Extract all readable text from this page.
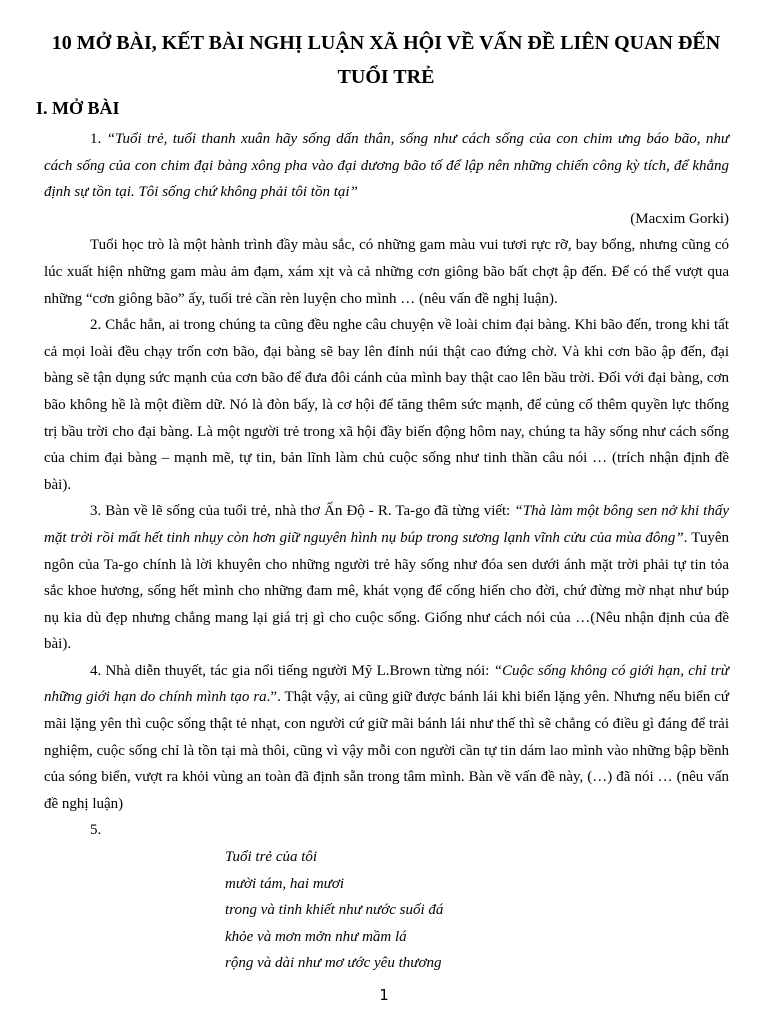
10 MỞ BÀI, KẾT BÀI NGHỊ LUẬN XÃ HỘI VỀ VẤN ĐỀ LIÊN QUAN ĐẾN TUỔI TRẺ
I. MỞ BÀI

1. “Tuổi trẻ, tuổi thanh xuân hãy sống dấn thân, sống như cách sống của con chim ưng báo bão, như cách sống của con chim đại bàng xông pha vào đại dương bão tố để lập nên những chiến công kỳ tích, để khẳng định sự tồn tại. Tôi sống chứ không phải tôi tồn tại”

(Macxim Gorki)

Tuổi học trò là một hành trình đầy màu sắc, có những gam màu vui tươi rực rỡ, bay bổng, nhưng cũng có lúc xuất hiện những gam màu ảm đạm, xám xịt và cả những cơn giông bão bất chợt ập đến. Để có thể vượt qua những “cơn giông bão” ấy, tuổi trẻ cần rèn luyện cho mình … (nêu vấn đề nghị luận).

2. Chắc hẳn, ai trong chúng ta cũng đều nghe câu chuyện về loài chim đại bàng. Khi bão đến, trong khi tất cả mọi loài đều chạy trốn cơn bão, đại bàng sẽ bay lên đỉnh núi thật cao đứng chờ. Và khi cơn bão ập đến, đại bàng sẽ tận dụng sức mạnh của cơn bão để đưa đôi cánh của mình bay thật cao lên bầu trời. Đối với đại bàng, cơn bão không hề là một điềm dữ. Nó là đòn bẩy, là cơ hội để tăng thêm sức mạnh, để củng cố thêm quyền lực thống trị bầu trời cho đại bàng. Là một người trẻ trong xã hội đầy biến động hôm nay, chúng ta hãy sống như cách sống của chim đại bàng – mạnh mẽ, tự tin, bản lĩnh làm chủ cuộc sống như tinh thần câu nói … (trích nhận định đề bài).

3. Bàn về lẽ sống của tuổi trẻ, nhà thơ Ấn Độ - R. Ta-go đã từng viết: “Thà làm một bông sen nở khi thấy mặt trời rồi mất hết tinh nhụy còn hơn giữ nguyên hình nụ búp trong sương lạnh vĩnh cửu của mùa đông”. Tuyên ngôn của Ta-go chính là lời khuyên cho những người trẻ hãy sống như đóa sen dưới ánh mặt trời phải tự tin tỏa sắc khoe hương, sống hết mình cho những đam mê, khát vọng để cống hiến cho đời, chứ đừng mờ nhạt như búp nụ kia dù đẹp nhưng chẳng mang lại giá trị gì cho cuộc sống. Giống như cách nói của …(Nêu nhận định của đề bài).

4. Nhà diễn thuyết, tác gia nổi tiếng người Mỹ L.Brown từng nói: “Cuộc sống không có giới hạn, chỉ trừ những giới hạn do chính mình tạo ra.”. Thật vậy, ai cũng giữ được bánh lái khi biển lặng yên. Nhưng nếu biển cứ mãi lặng yên thì cuộc sống thật tẻ nhạt, con người cứ giữ mãi bánh lái như thế thì sẽ chẳng có điều gì đáng để trải nghiệm, cuộc sống chỉ là tồn tại mà thôi, cũng vì vậy mỗi con người cần tự tin dám lao mình vào những bập bềnh của sóng biển, vượt ra khỏi vùng an toàn đã định sẵn trong tâm mình. Bàn về vấn đề này, (…) đã nói … (nêu vấn đề nghị luận)

5.

Tuổi trẻ của tôi
mười tám, hai mươi
trong và tinh khiết như nước suối đá
khỏe và mơn mởn như mầm lá
rộng và dài như mơ ước yêu thương
1
